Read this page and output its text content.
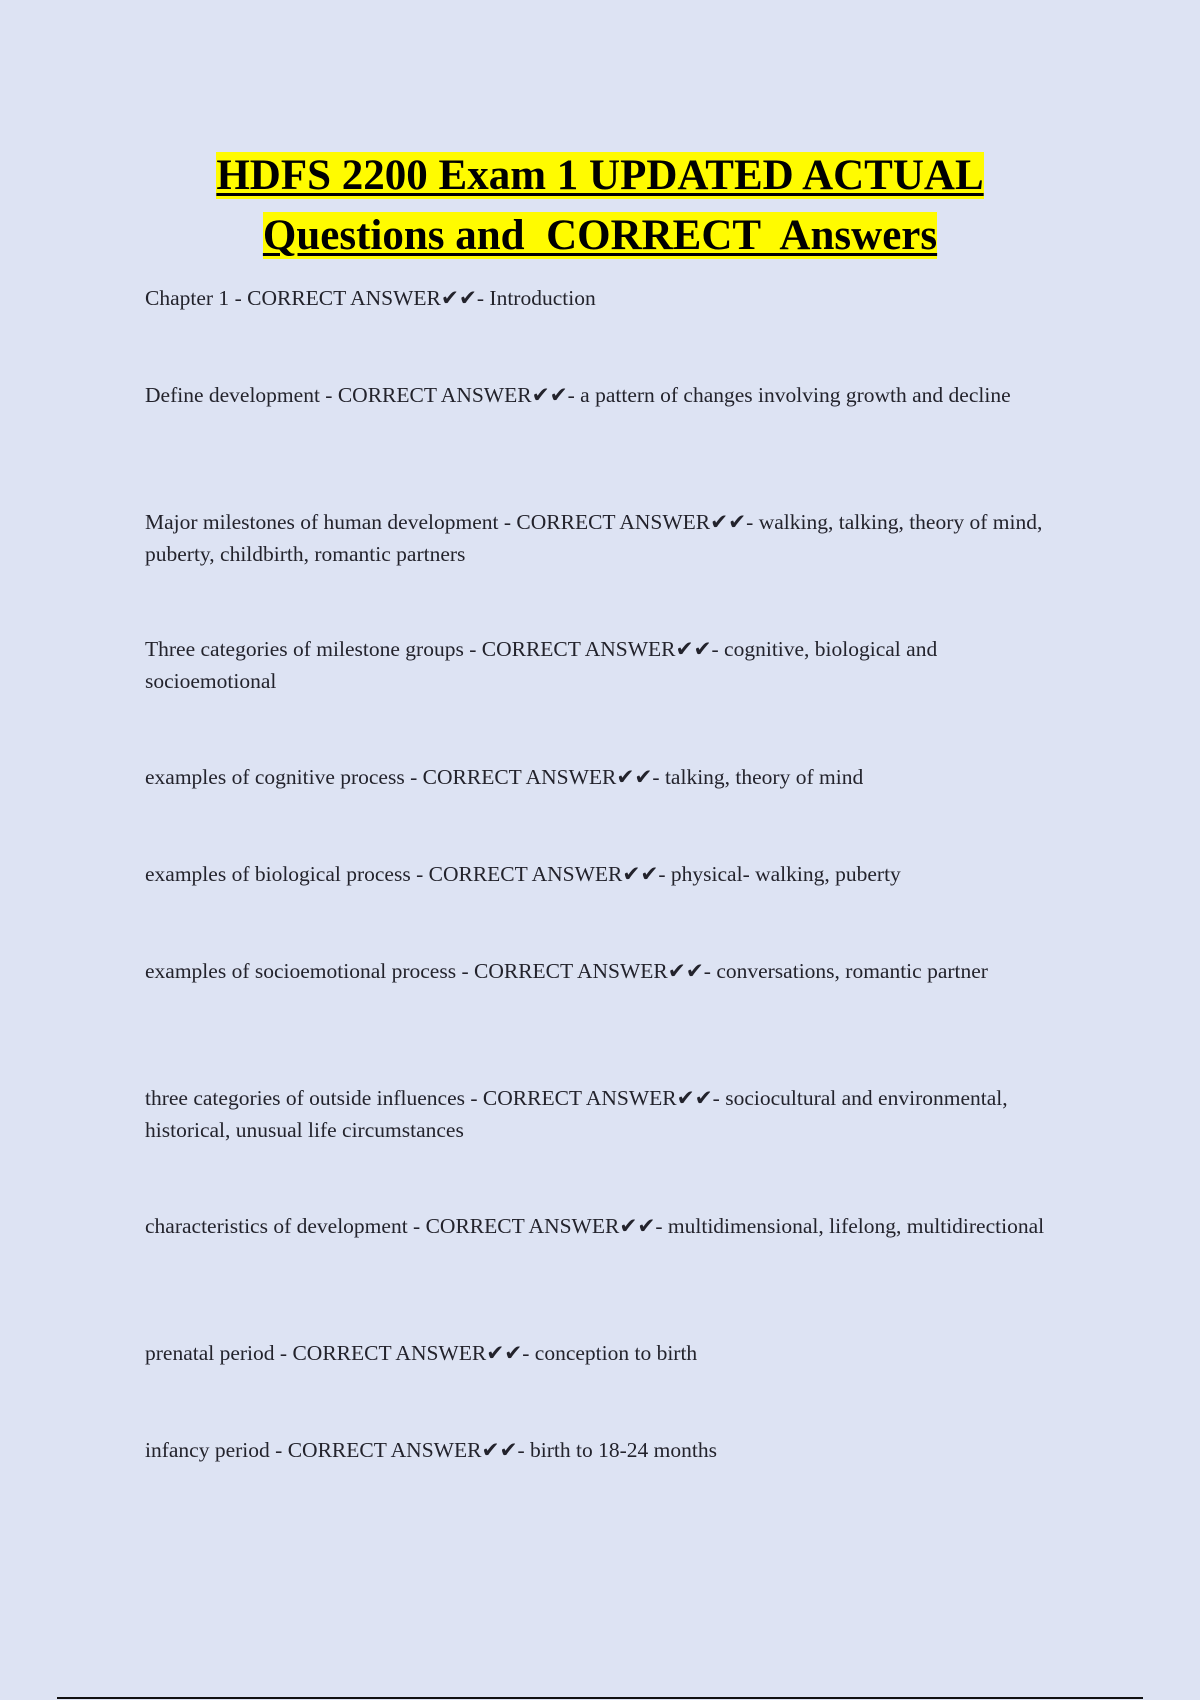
HDFS 2200 Exam 1 UPDATED ACTUAL
Questions and  CORRECT  Answers
Chapter 1 - CORRECT ANSWER✔✔- Introduction
Define development - CORRECT ANSWER✔✔- a pattern of changes involving growth and decline
Major milestones of human development - CORRECT ANSWER✔✔- walking, talking, theory of mind, puberty, childbirth, romantic partners
Three categories of milestone groups - CORRECT ANSWER✔✔- cognitive, biological and socioemotional
examples of cognitive process - CORRECT ANSWER✔✔- talking, theory of mind
examples of biological process - CORRECT ANSWER✔✔- physical- walking, puberty
examples of socioemotional process - CORRECT ANSWER✔✔- conversations, romantic partner
three categories of outside influences - CORRECT ANSWER✔✔- sociocultural and environmental, historical, unusual life circumstances
characteristics of development - CORRECT ANSWER✔✔- multidimensional, lifelong, multidirectional
prenatal period - CORRECT ANSWER✔✔- conception to birth
infancy period - CORRECT ANSWER✔✔- birth to 18-24 months
